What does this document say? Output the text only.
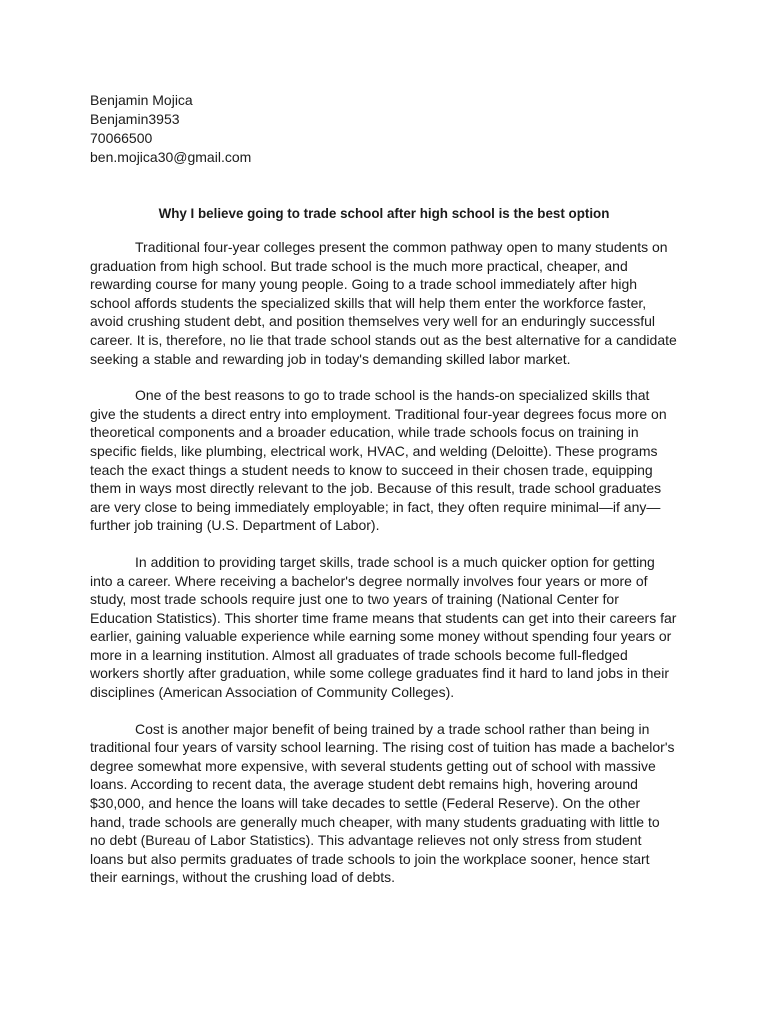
Benjamin Mojica
Benjamin3953
70066500
ben.mojica30@gmail.com
Why I believe going to trade school after high school is the best option

Traditional four-year colleges present the common pathway open to many students on graduation from high school. But trade school is the much more practical, cheaper, and rewarding course for many young people. Going to a trade school immediately after high school affords students the specialized skills that will help them enter the workforce faster, avoid crushing student debt, and position themselves very well for an enduringly successful career. It is, therefore, no lie that trade school stands out as the best alternative for a candidate seeking a stable and rewarding job in today's demanding skilled labor market.

One of the best reasons to go to trade school is the hands-on specialized skills that give the students a direct entry into employment. Traditional four-year degrees focus more on theoretical components and a broader education, while trade schools focus on training in specific fields, like plumbing, electrical work, HVAC, and welding (Deloitte). These programs teach the exact things a student needs to know to succeed in their chosen trade, equipping them in ways most directly relevant to the job. Because of this result, trade school graduates are very close to being immediately employable; in fact, they often require minimal—if any—further job training (U.S. Department of Labor).

In addition to providing target skills, trade school is a much quicker option for getting into a career. Where receiving a bachelor's degree normally involves four years or more of study, most trade schools require just one to two years of training (National Center for Education Statistics). This shorter time frame means that students can get into their careers far earlier, gaining valuable experience while earning some money without spending four years or more in a learning institution. Almost all graduates of trade schools become full-fledged workers shortly after graduation, while some college graduates find it hard to land jobs in their disciplines (American Association of Community Colleges).

Cost is another major benefit of being trained by a trade school rather than being in traditional four years of varsity school learning. The rising cost of tuition has made a bachelor's degree somewhat more expensive, with several students getting out of school with massive loans. According to recent data, the average student debt remains high, hovering around $30,000, and hence the loans will take decades to settle (Federal Reserve). On the other hand, trade schools are generally much cheaper, with many students graduating with little to no debt (Bureau of Labor Statistics). This advantage relieves not only stress from student loans but also permits graduates of trade schools to join the workplace sooner, hence start their earnings, without the crushing load of debts.
